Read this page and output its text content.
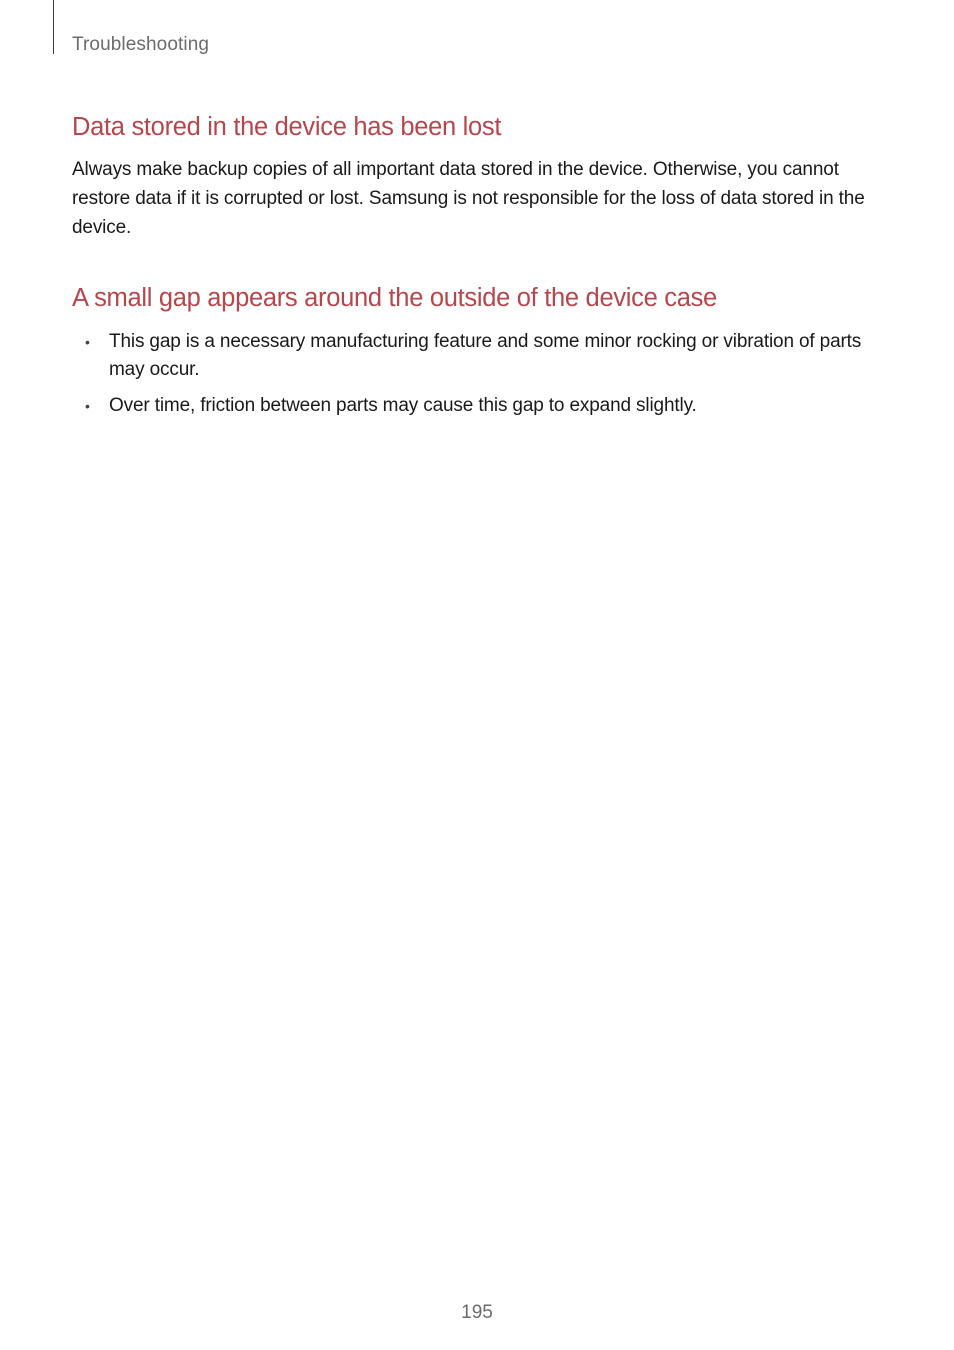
Troubleshooting
Data stored in the device has been lost

Always make backup copies of all important data stored in the device. Otherwise, you cannot restore data if it is corrupted or lost. Samsung is not responsible for the loss of data stored in the device.

A small gap appears around the outside of the device case
• This gap is a necessary manufacturing feature and some minor rocking or vibration of parts may occur.
• Over time, friction between parts may cause this gap to expand slightly.
195
